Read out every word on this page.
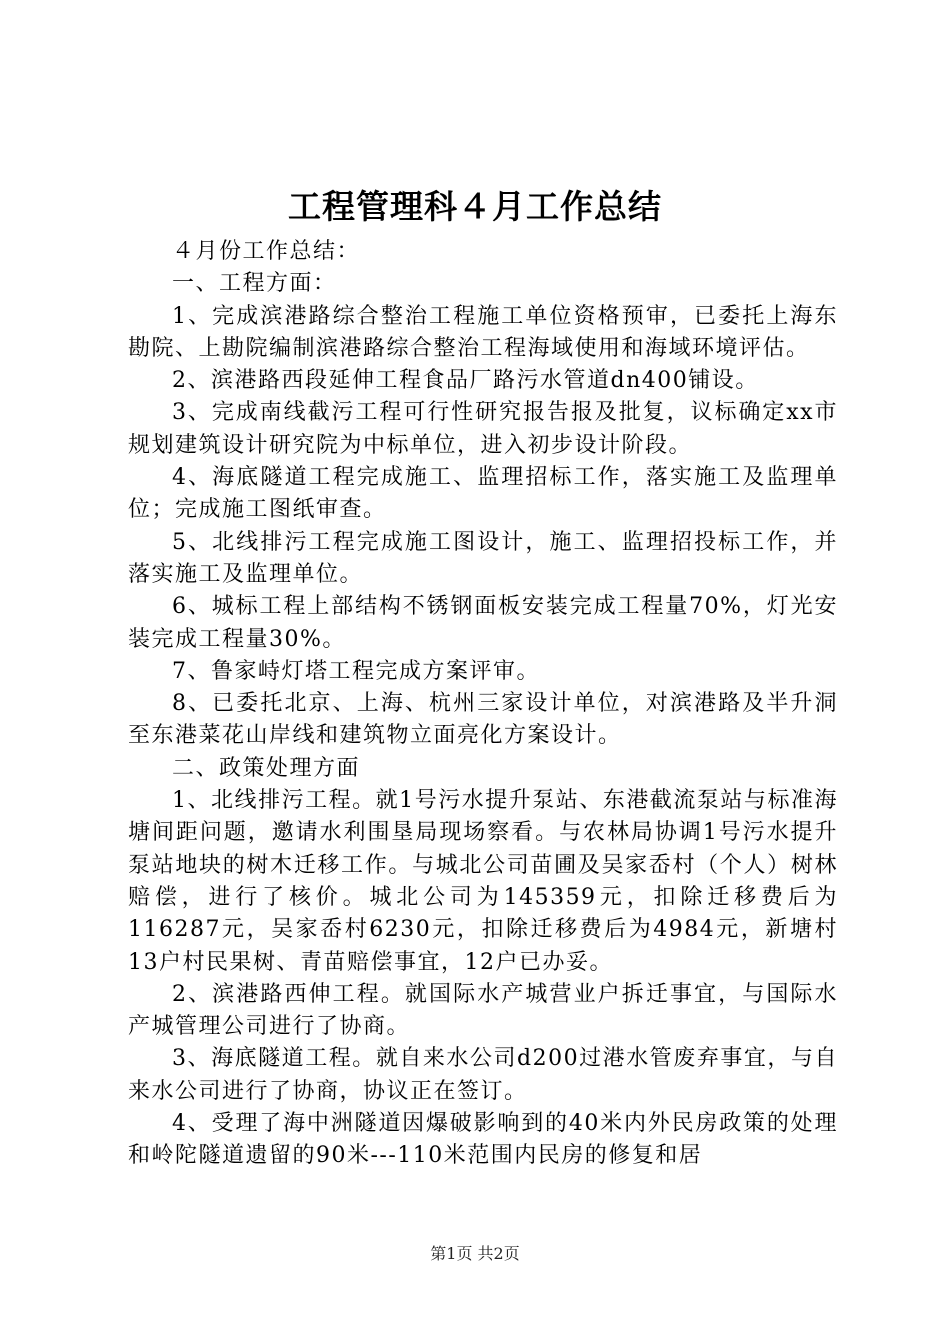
工程管理科４月工作总结

４月份工作总结：

一、工程方面：

1、完成滨港路综合整治工程施工单位资格预审，已委托上海东勘院、上勘院编制滨港路综合整治工程海域使用和海域环境评估。

2、滨港路西段延伸工程食品厂路污水管道dn400铺设。

3、完成南线截污工程可行性研究报告报及批复，议标确定xx市规划建筑设计研究院为中标单位，进入初步设计阶段。

4、海底隧道工程完成施工、监理招标工作，落实施工及监理单位；完成施工图纸审查。

5、北线排污工程完成施工图设计，施工、监理招投标工作，并落实施工及监理单位。

6、城标工程上部结构不锈钢面板安装完成工程量70%，灯光安装完成工程量30%。

7、鲁家峙灯塔工程完成方案评审。

8、已委托北京、上海、杭州三家设计单位，对滨港路及半升洞至东港菜花山岸线和建筑物立面亮化方案设计。

二、政策处理方面

1、北线排污工程。就1号污水提升泵站、东港截流泵站与标准海塘间距问题，邀请水利围垦局现场察看。与农林局协调1号污水提升泵站地块的树木迁移工作。与城北公司苗圃及吴家岙村（个人）树林赔偿，进行了核价。城北公司为145359元，扣除迁移费后为116287元，吴家岙村6230元，扣除迁移费后为4984元，新塘村13户村民果树、青苗赔偿事宜，12户已办妥。

2、滨港路西伸工程。就国际水产城营业户拆迁事宜，与国际水产城管理公司进行了协商。

3、海底隧道工程。就自来水公司d200过港水管废弃事宜，与自来水公司进行了协商，协议正在签订。

4、受理了海中洲隧道因爆破影响到的40米内外民房政策的处理和岭陀隧道遗留的90米---110米范围内民房的修复和居

第1页 共2页
